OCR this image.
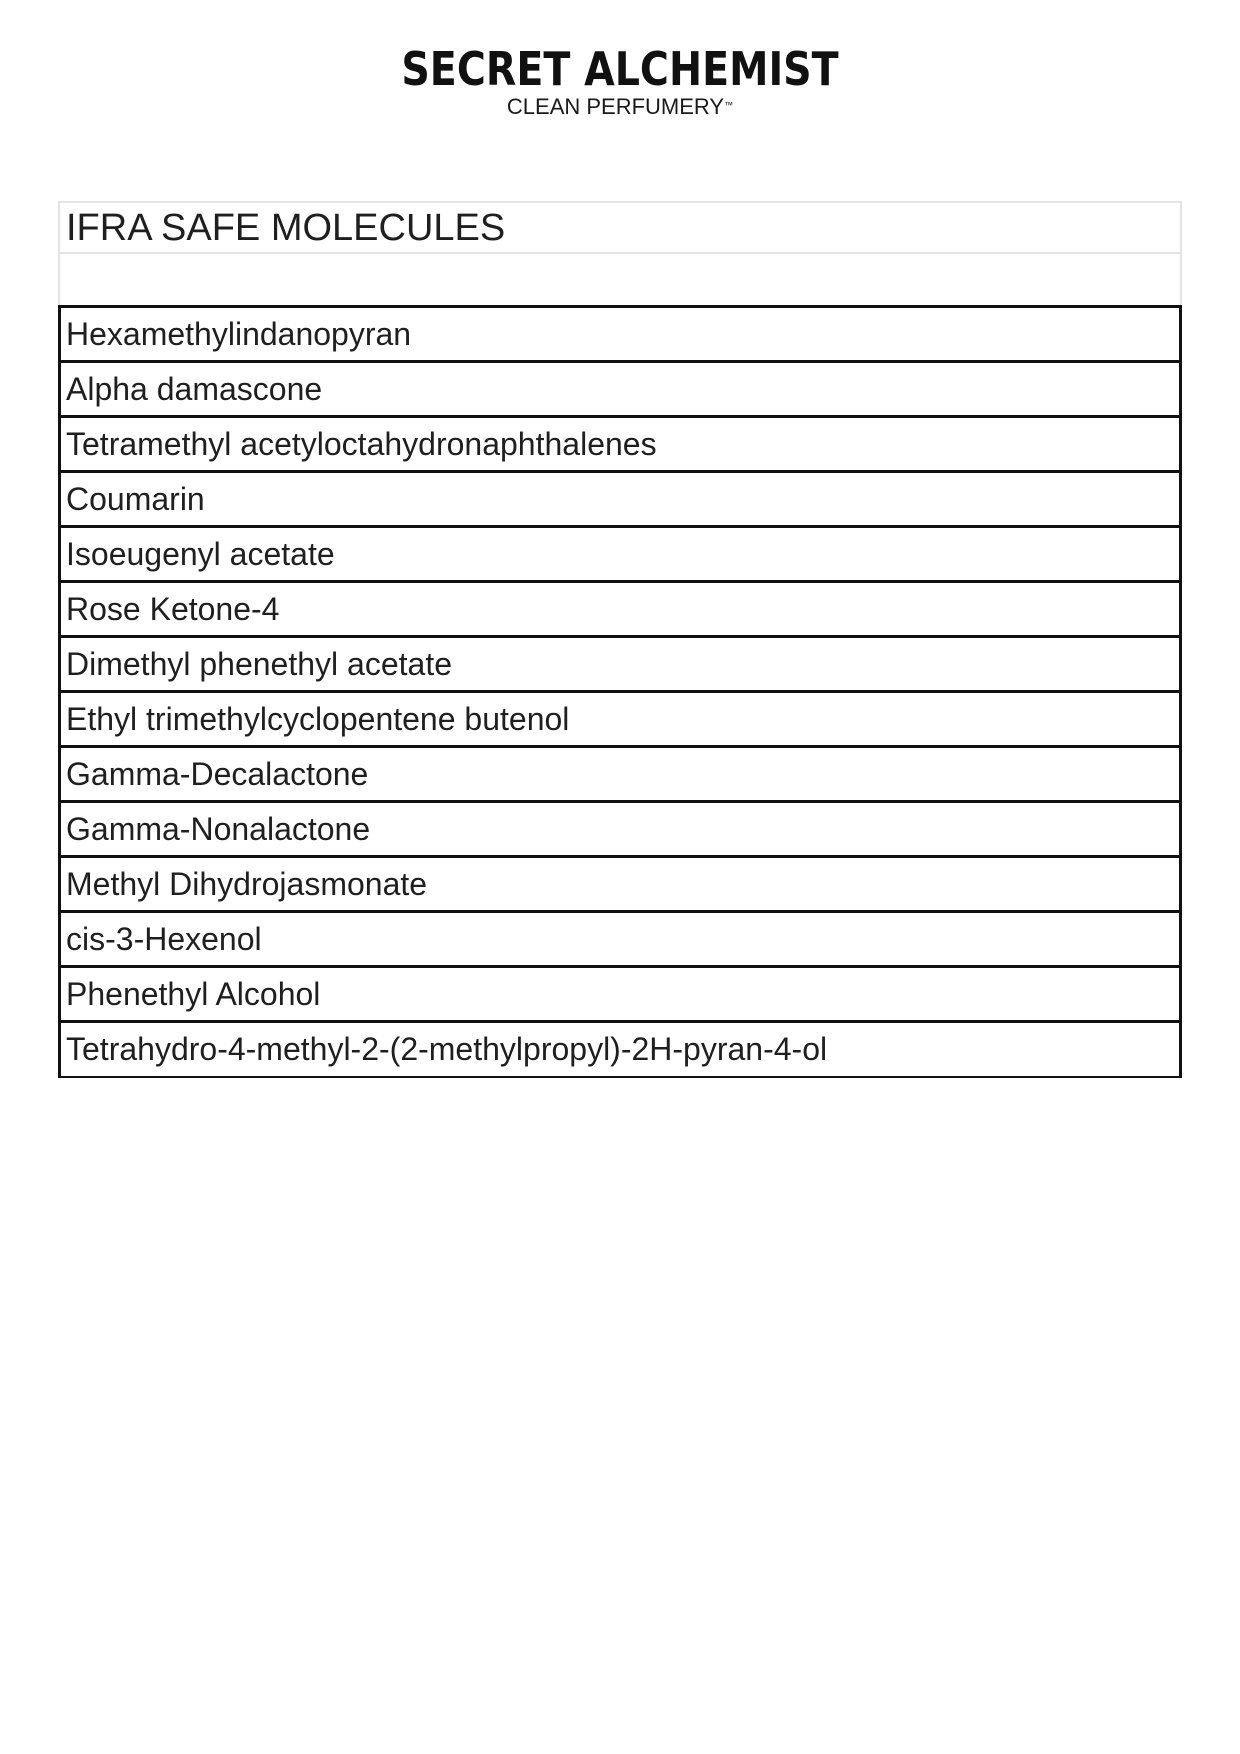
SECRET ALCHEMIST
CLEAN PERFUMERY™
IFRA SAFE MOLECULES
Hexamethylindanopyran
Alpha damascone
Tetramethyl acetyloctahydronaphthalenes
Coumarin
Isoeugenyl acetate
Rose Ketone-4
Dimethyl phenethyl acetate
Ethyl trimethylcyclopentene butenol
Gamma-Decalactone
Gamma-Nonalactone
Methyl Dihydrojasmonate
cis-3-Hexenol
Phenethyl Alcohol
Tetrahydro-4-methyl-2-(2-methylpropyl)-2H-pyran-4-ol
